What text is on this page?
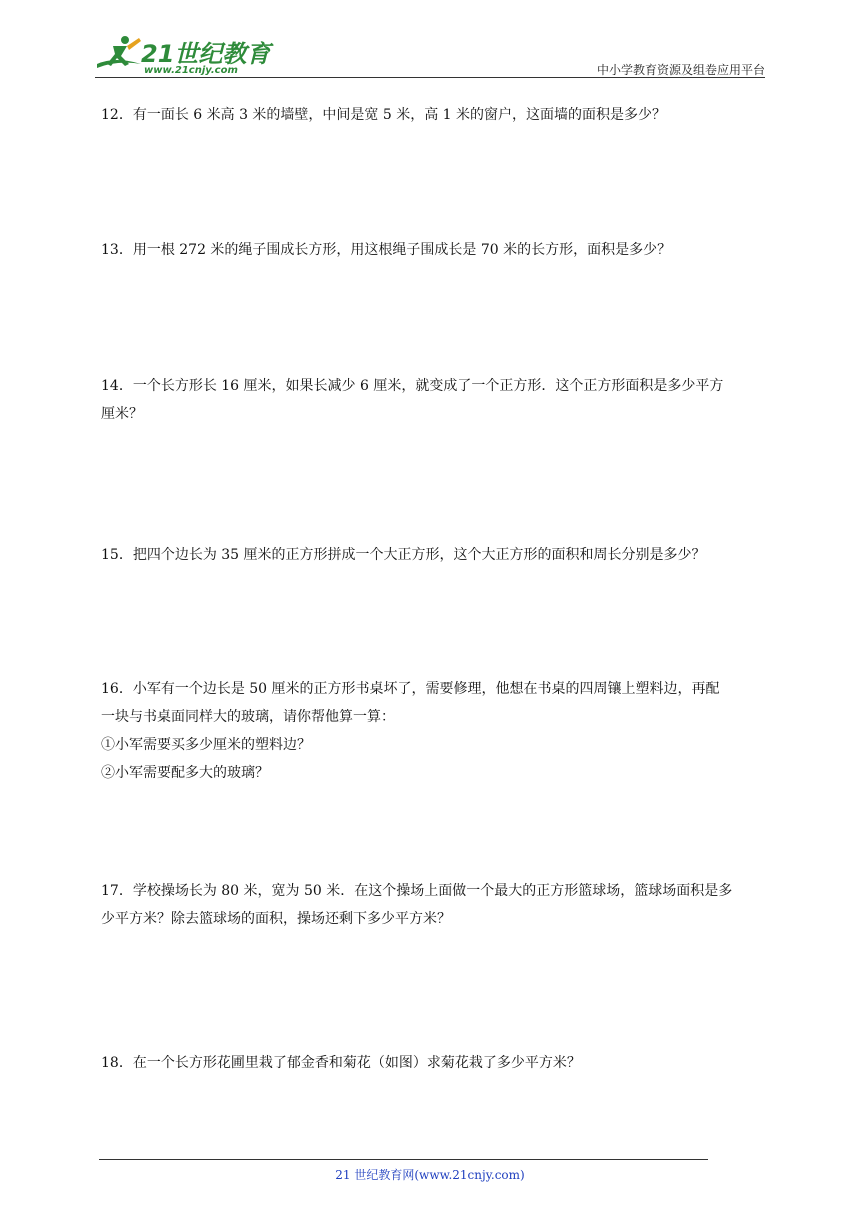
21世纪教育
www.21cnjy.com	中小学教育资源及组卷应用平台

12．有一面长 6 米高 3 米的墙壁，中间是宽 5 米，高 1 米的窗户，这面墙的面积是多少？

13．用一根 272 米的绳子围成长方形，用这根绳子围成长是 70 米的长方形，面积是多少？

14．一个长方形长 16 厘米，如果长减少 6 厘米，就变成了一个正方形．这个正方形面积是多少平方

厘米？

15．把四个边长为 35 厘米的正方形拼成一个大正方形，这个大正方形的面积和周长分别是多少？

16．小军有一个边长是 50 厘米的正方形书桌坏了，需要修理，他想在书桌的四周镶上塑料边，再配

一块与书桌面同样大的玻璃，请你帮他算一算：

①小军需要买多少厘米的塑料边？

②小军需要配多大的玻璃？

17．学校操场长为 80 米，宽为 50 米．在这个操场上面做一个最大的正方形篮球场，篮球场面积是多

少平方米？除去篮球场的面积，操场还剩下多少平方米？

18．在一个长方形花圃里栽了郁金香和菊花（如图）求菊花栽了多少平方米？

21 世纪教育网(www.21cnjy.com)
